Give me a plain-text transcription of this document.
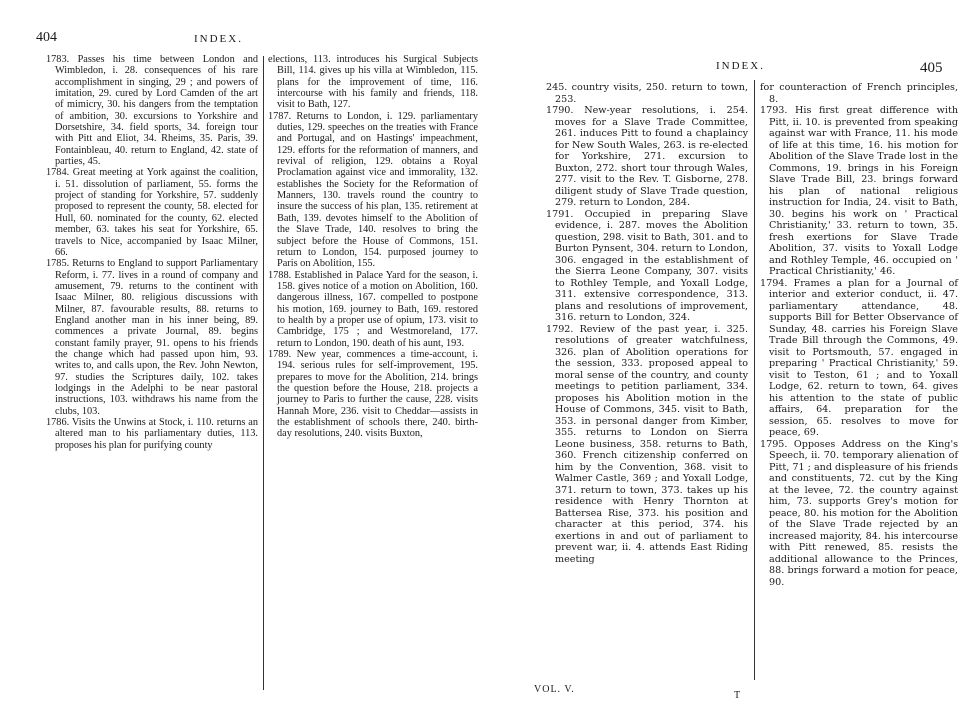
404	INDEX.

1783. Passes his time between London and Wimbledon, i. 28. consequences of his rare accomplishment in singing, 29 ; and powers of imitation, 29. cured by Lord Camden of the art of mimicry, 30. his dangers from the temptation of ambition, 30. excursions to Yorkshire and Dorsetshire, 34. field sports, 34. foreign tour with Pitt and Eliot, 34. Rheims, 35. Paris, 39. Fontainbleau, 40. return to England, 42. state of parties, 45.

1784. Great meeting at York against the coalition, i. 51. dissolution of parliament, 55. forms the project of standing for Yorkshire, 57. suddenly proposed to represent the county, 58. elected for Hull, 60. nominated for the county, 62. elected member, 63. takes his seat for Yorkshire, 65. travels to Nice, accompanied by Isaac Milner, 66.

1785. Returns to England to support Parliamentary Reform, i. 77. lives in a round of company and amusement, 79. returns to the continent with Isaac Milner, 80. religious discussions with Milner, 87. favourable results, 88. returns to England another man in his inner being, 89. commences a private Journal, 89. begins constant family prayer, 91. opens to his friends the change which had passed upon him, 93. writes to, and calls upon, the Rev. John Newton, 97. studies the Scriptures daily, 102. takes lodgings in the Adelphi to be near pastoral instructions, 103. withdraws his name from the clubs, 103.

1786. Visits the Unwins at Stock, i. 110. returns an altered man to his parliamentary duties, 113. proposes his plan for purifying county

elections, 113. introduces his Surgical Subjects Bill, 114. gives up his villa at Wimbledon, 115. plans for the improvement of time, 116. intercourse with his family and friends, 118. visit to Bath, 127.

1787. Returns to London, i. 129. parliamentary duties, 129. speeches on the treaties with France and Portugal, and on Hastings' impeachment, 129. efforts for the reformation of manners, and revival of religion, 129. obtains a Royal Proclamation against vice and immorality, 132. establishes the Society for the Reformation of Manners, 130. travels round the country to insure the success of his plan, 135. retirement at Bath, 139. devotes himself to the Abolition of the Slave Trade, 140. resolves to bring the subject before the House of Commons, 151. return to London, 154. purposed journey to Paris on Abolition, 155.

1788. Established in Palace Yard for the season, i. 158. gives notice of a motion on Abolition, 160. dangerous illness, 167. compelled to postpone his motion, 169. journey to Bath, 169. restored to health by a proper use of opium, 173. visit to Cambridge, 175 ; and Westmoreland, 177. return to London, 190. death of his aunt, 193.

1789. New year, commences a time-account, i. 194. serious rules for self-improvement, 195. prepares to move for the Abolition, 214. brings the question before the House, 218. projects a journey to Paris to further the cause, 228. visits Hannah More, 236. visit to Cheddar—assists in the establishment of schools there, 240. birth-day resolutions, 240. visits Buxton,

INDEX.	405

245. country visits, 250. return to town, 253.

1790. New-year resolutions, i. 254. moves for a Slave Trade Committee, 261. induces Pitt to found a chaplaincy for New South Wales, 263. is re-elected for Yorkshire, 271. excursion to Buxton, 272. short tour through Wales, 277. visit to the Rev. T. Gisborne, 278. diligent study of Slave Trade question, 279. return to London, 284.

1791. Occupied in preparing Slave evidence, i. 287. moves the Abolition question, 298. visit to Bath, 301. and to Burton Pynsent, 304. return to London, 306. engaged in the establishment of the Sierra Leone Company, 307. visits to Rothley Temple, and Yoxall Lodge, 311. extensive correspondence, 313. plans and resolutions of improvement, 316. return to London, 324.

1792. Review of the past year, i. 325. resolutions of greater watchfulness, 326. plan of Abolition operations for the session, 333. proposed appeal to moral sense of the country, and county meetings to petition parliament, 334. proposes his Abolition motion in the House of Commons, 345. visit to Bath, 353. in personal danger from Kimber, 355. returns to London on Sierra Leone business, 358. returns to Bath, 360. French citizenship conferred on him by the Convention, 368. visit to Walmer Castle, 369 ; and Yoxall Lodge, 371. return to town, 373. takes up his residence with Henry Thornton at Battersea Rise, 373. his position and character at this period, 374. his exertions in and out of parliament to prevent war, ii. 4. attends East Riding meeting

for counteraction of French principles, 8.

1793. His first great difference with Pitt, ii. 10. is prevented from speaking against war with France, 11. his mode of life at this time, 16. his motion for Abolition of the Slave Trade lost in the Commons, 19. brings in his Foreign Slave Trade Bill, 23. brings forward his plan of national religious instruction for India, 24. visit to Bath, 30. begins his work on ' Practical Christianity,' 33. return to town, 35. fresh exertions for Slave Trade Abolition, 37. visits to Yoxall Lodge and Rothley Temple, 46. occupied on ' Practical Christianity,' 46.

1794. Frames a plan for a Journal of interior and exterior conduct, ii. 47. parliamentary attendance, 48. supports Bill for Better Observance of Sunday, 48. carries his Foreign Slave Trade Bill through the Commons, 49. visit to Portsmouth, 57. engaged in preparing ' Practical Christianity,' 59. visit to Teston, 61 ; and to Yoxall Lodge, 62. return to town, 64. gives his attention to the state of public affairs, 64. preparation for the session, 65. resolves to move for peace, 69.

1795. Opposes Address on the King's Speech, ii. 70. temporary alienation of Pitt, 71 ; and displeasure of his friends and constituents, 72. cut by the King at the levee, 72. the country against him, 73. supports Grey's motion for peace, 80. his motion for the Abolition of the Slave Trade rejected by an increased majority, 84. his intercourse with Pitt renewed, 85. resists the additional allowance to the Princes, 88. brings forward a motion for peace, 90.

VOL. V.
T
